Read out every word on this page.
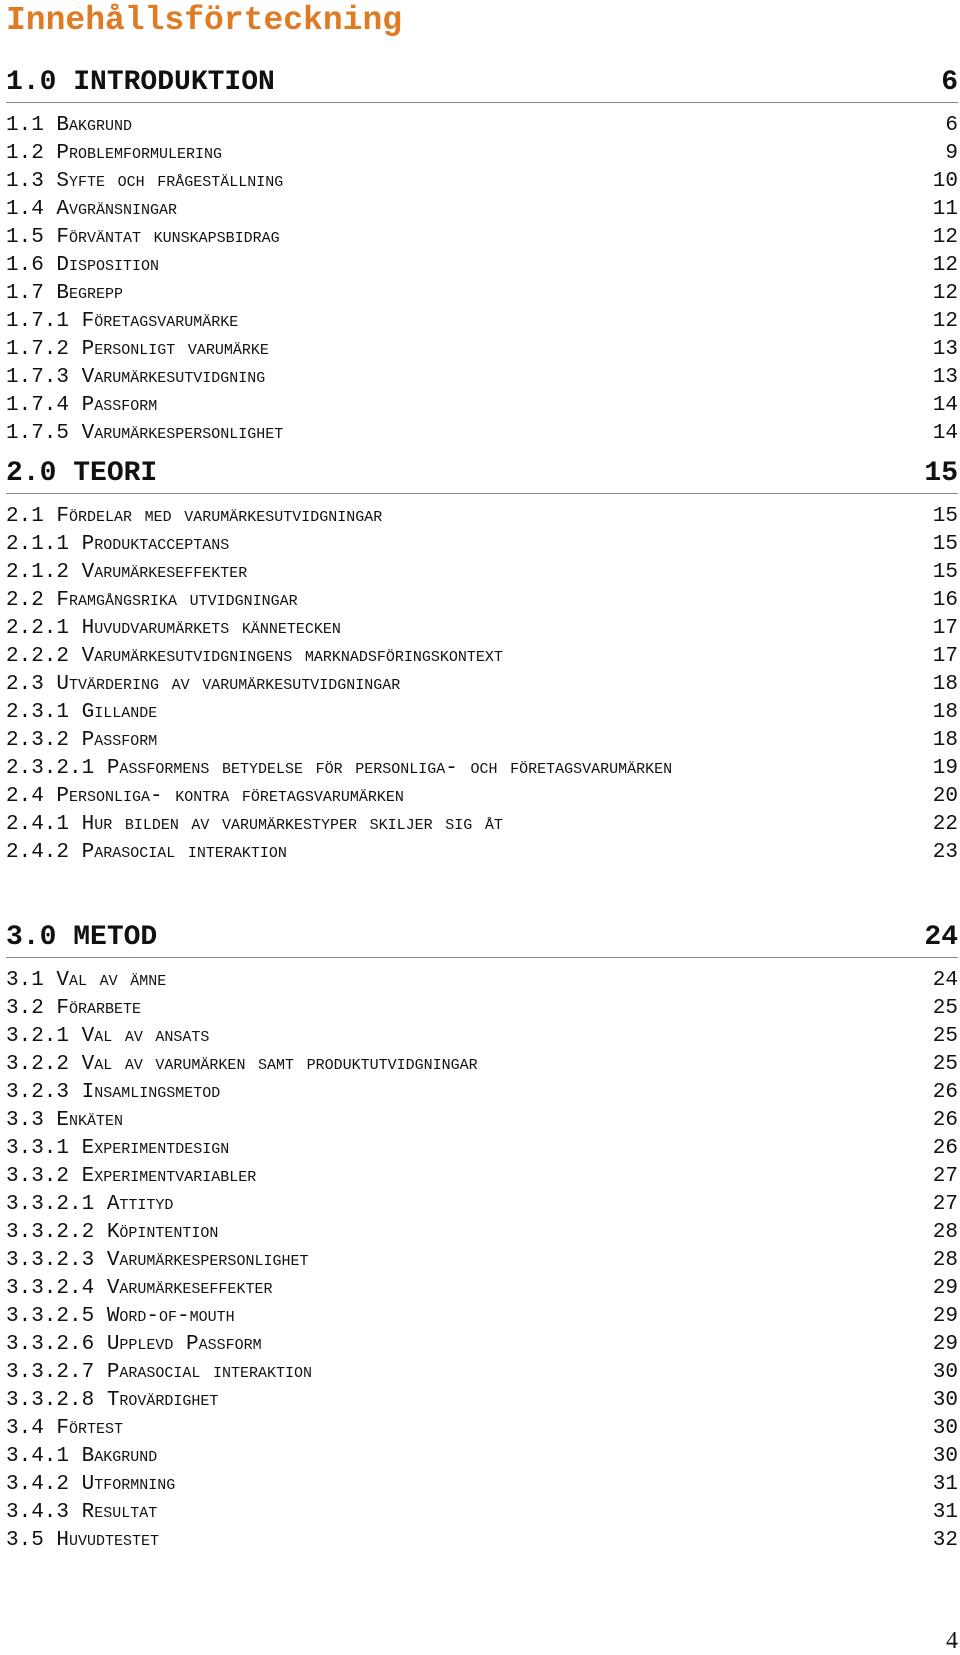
Innehållsförteckning
1.0 INTRODUKTION	6
1.1 Bakgrund	6
1.2 Problemformulering	9
1.3 Syfte och frågeställning	10
1.4 Avgränsningar	11
1.5 Förväntat kunskapsbidrag	12
1.6 Disposition	12
1.7 Begrepp	12
1.7.1 Företagsvarumärke	12
1.7.2 Personligt varumärke	13
1.7.3 Varumärkesutvidgning	13
1.7.4 Passform	14
1.7.5 Varumärkespersonlighet	14
2.0 TEORI	15
2.1 Fördelar med varumärkesutvidgningar	15
2.1.1 Produktacceptans	15
2.1.2 Varumärkeseffekter	15
2.2 Framgångsrika utvidgningar	16
2.2.1 Huvudvarumärkets kännetecken	17
2.2.2 Varumärkesutvidgningens marknadsföringskontext	17
2.3 Utvärdering av varumärkesutvidgningar	18
2.3.1 Gillande	18
2.3.2 Passform	18
2.3.2.1 Passformens betydelse för personliga- och företagsvarumärken	19
2.4 Personliga- kontra företagsvarumärken	20
2.4.1 Hur bilden av varumärkestyper skiljer sig åt	22
2.4.2 Parasocial interaktion	23
3.0 METOD	24
3.1 Val av ämne	24
3.2 Förarbete	25
3.2.1 Val av ansats	25
3.2.2 Val av varumärken samt produktutvidgningar	25
3.2.3 Insamlingsmetod	26
3.3 Enkäten	26
3.3.1 Experimentdesign	26
3.3.2 Experimentvariabler	27
3.3.2.1 Attityd	27
3.3.2.2 Köpintention	28
3.3.2.3 Varumärkespersonlighet	28
3.3.2.4 Varumärkeseffekter	29
3.3.2.5 Word-of-mouth	29
3.3.2.6 Upplevd Passform	29
3.3.2.7 Parasocial interaktion	30
3.3.2.8 Trovärdighet	30
3.4 Förtest	30
3.4.1 Bakgrund	30
3.4.2 Utformning	31
3.4.3 Resultat	31
3.5 Huvudtestet	32
4
